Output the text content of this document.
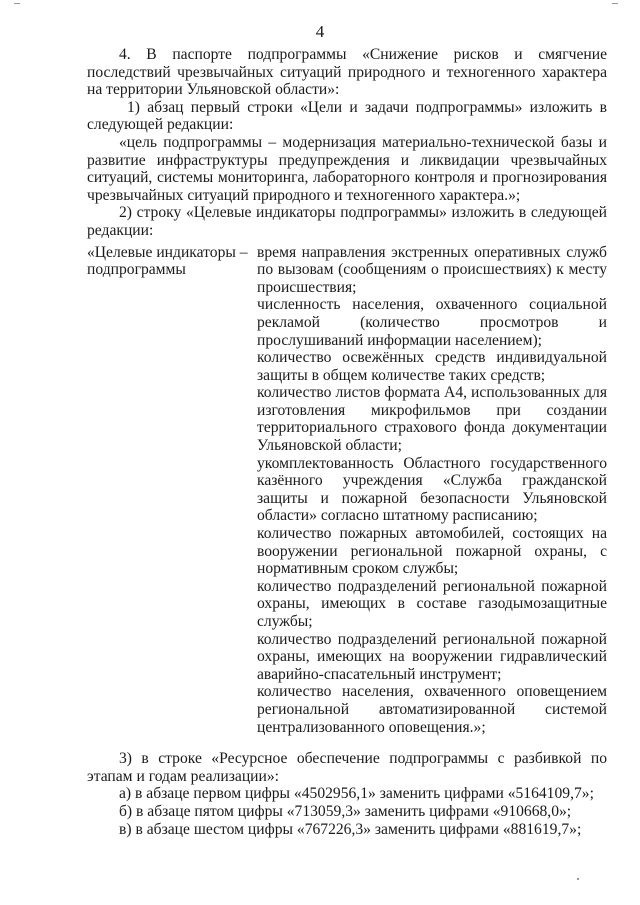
4

4. В паспорте подпрограммы «Снижение рисков и смягчение последствий чрезвычайных ситуаций природного и техногенного характера на территории Ульяновской области»:

1) абзац первый строки «Цели и задачи подпрограммы» изложить в следующей редакции:

«цель подпрограммы – модернизация материально-технической базы и развитие инфраструктуры предупреждения и ликвидации чрезвычайных ситуаций, системы мониторинга, лабораторного контроля и прогнозирования чрезвычайных ситуаций природного и техногенного характера.»;

2) строку «Целевые индикаторы подпрограммы» изложить в следующей редакции:

«Целевые индикаторы –
подпрограммы

время направления экстренных оперативных служб по вызовам (сообщениям о происшествиях) к месту происшествия;

численность населения, охваченного социальной рекламой (количество просмотров и прослушиваний информации населением);

количество освежённых средств индивидуальной защиты в общем количестве таких средств;

количество листов формата А4, использованных для изготовления микрофильмов при создании территориального страхового фонда документации Ульяновской области;

укомплектованность Областного государственного казённого учреждения «Служба гражданской защиты и пожарной безопасности Ульяновской области» согласно штатному расписанию;

количество пожарных автомобилей, состоящих на вооружении региональной пожарной охраны, с нормативным сроком службы;

количество подразделений региональной пожарной охраны, имеющих в составе газодымозащитные службы;

количество подразделений региональной пожарной охраны, имеющих на вооружении гидравлический аварийно-спасательный инструмент;

количество населения, охваченного оповещением региональной автоматизированной системой централизованного оповещения.»;

3) в строке «Ресурсное обеспечение подпрограммы с разбивкой по этапам и годам реализации»:

а) в абзаце первом цифры «4502956,1» заменить цифрами «5164109,7»;

б) в абзаце пятом цифры «713059,3» заменить цифрами «910668,0»;

в) в абзаце шестом цифры «767226,3» заменить цифрами «881619,7»;
